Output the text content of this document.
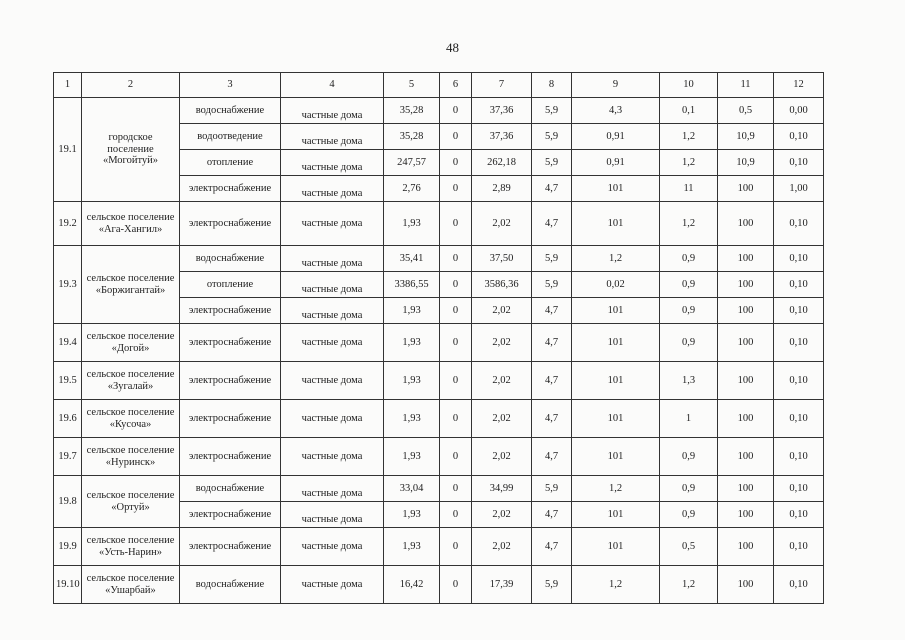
48
1	2	3	4	5	6	7	8	9	10	11	12
19.1	городское поселение «Могойтуй»	водоснабжение	частные дома	35,28	0	37,36	5,9	4,3	0,1	0,5	0,00
		водоотведение	частные дома	35,28	0	37,36	5,9	0,91	1,2	10,9	0,10
		отопление	частные дома	247,57	0	262,18	5,9	0,91	1,2	10,9	0,10
		электроснабжение	частные дома	2,76	0	2,89	4,7	101	11	100	1,00
19.2	сельское поселение «Ага-Хангил»	электроснабжение	частные дома	1,93	0	2,02	4,7	101	1,2	100	0,10
19.3	сельское поселение «Боржигантай»	водоснабжение	частные дома	35,41	0	37,50	5,9	1,2	0,9	100	0,10
		отопление	частные дома	3386,55	0	3586,36	5,9	0,02	0,9	100	0,10
		электроснабжение	частные дома	1,93	0	2,02	4,7	101	0,9	100	0,10
19.4	сельское поселение «Догой»	электроснабжение	частные дома	1,93	0	2,02	4,7	101	0,9	100	0,10
19.5	сельское поселение «Зугалай»	электроснабжение	частные дома	1,93	0	2,02	4,7	101	1,3	100	0,10
19.6	сельское поселение «Кусоча»	электроснабжение	частные дома	1,93	0	2,02	4,7	101	1	100	0,10
19.7	сельское поселение «Нуринск»	электроснабжение	частные дома	1,93	0	2,02	4,7	101	0,9	100	0,10
19.8	сельское поселение «Ортуй»	водоснабжение	частные дома	33,04	0	34,99	5,9	1,2	0,9	100	0,10
		электроснабжение	частные дома	1,93	0	2,02	4,7	101	0,9	100	0,10
19.9	сельское поселение «Усть-Нарин»	электроснабжение	частные дома	1,93	0	2,02	4,7	101	0,5	100	0,10
19.10	сельское поселение «Ушарбай»	водоснабжение	частные дома	16,42	0	17,39	5,9	1,2	1,2	100	0,10
